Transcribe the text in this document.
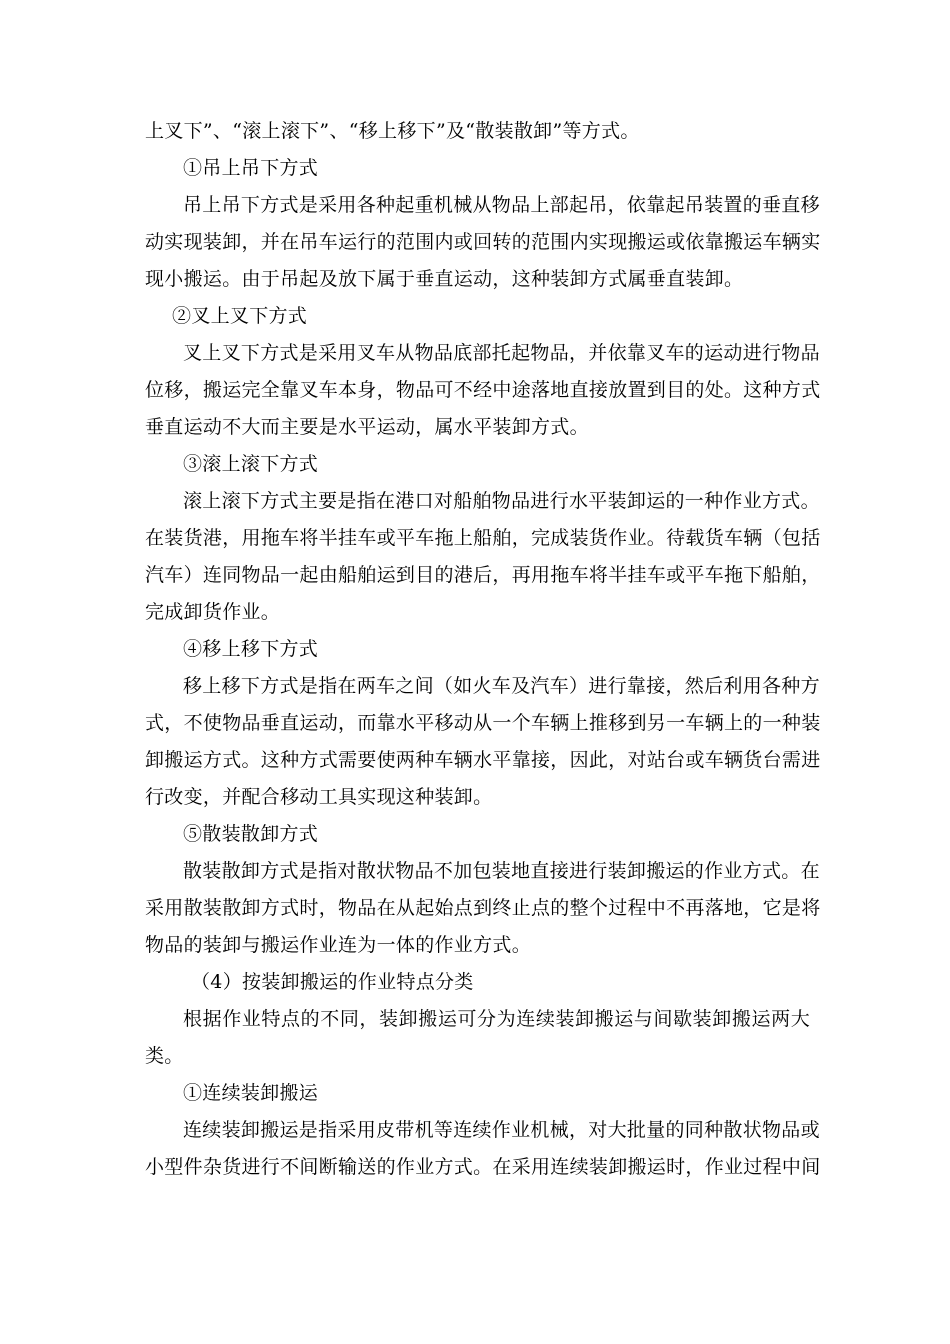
上叉下”、“滚上滚下”、“移上移下”及“散装散卸”等方式。
①吊上吊下方式
吊上吊下方式是采用各种起重机械从物品上部起吊，依靠起吊装置的垂直移
动实现装卸，并在吊车运行的范围内或回转的范围内实现搬运或依靠搬运车辆实
现小搬运。由于吊起及放下属于垂直运动，这种装卸方式属垂直装卸。
②叉上叉下方式
叉上叉下方式是采用叉车从物品底部托起物品，并依靠叉车的运动进行物品
位移，搬运完全靠叉车本身，物品可不经中途落地直接放置到目的处。这种方式
垂直运动不大而主要是水平运动，属水平装卸方式。
③滚上滚下方式
滚上滚下方式主要是指在港口对船舶物品进行水平装卸运的一种作业方式。
在装货港，用拖车将半挂车或平车拖上船舶，完成装货作业。待载货车辆（包括
汽车）连同物品一起由船舶运到目的港后，再用拖车将半挂车或平车拖下船舶，
完成卸货作业。
④移上移下方式
移上移下方式是指在两车之间（如火车及汽车）进行靠接，然后利用各种方
式，不使物品垂直运动，而靠水平移动从一个车辆上推移到另一车辆上的一种装
卸搬运方式。这种方式需要使两种车辆水平靠接，因此，对站台或车辆货台需进
行改变，并配合移动工具实现这种装卸。
⑤散装散卸方式
散装散卸方式是指对散状物品不加包装地直接进行装卸搬运的作业方式。在
采用散装散卸方式时，物品在从起始点到终止点的整个过程中不再落地，它是将
物品的装卸与搬运作业连为一体的作业方式。
（4）按装卸搬运的作业特点分类
根据作业特点的不同，装卸搬运可分为连续装卸搬运与间歇装卸搬运两大
类。
①连续装卸搬运
连续装卸搬运是指采用皮带机等连续作业机械，对大批量的同种散状物品或
小型件杂货进行不间断输送的作业方式。在采用连续装卸搬运时，作业过程中间
